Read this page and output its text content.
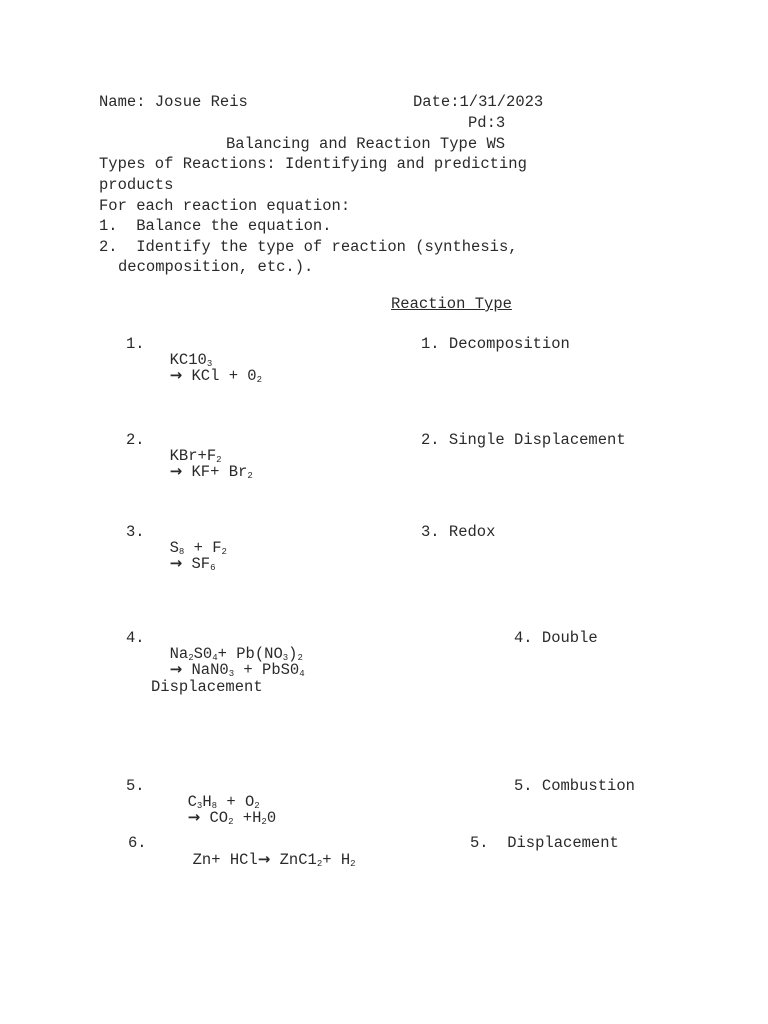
Name: Josue Reis	Date:1/31/2023
Pd:3
Balancing and Reaction Type WS
Types of Reactions: Identifying and predicting
products
For each reaction equation:
1.  Balance the equation.
2.  Identify the type of reaction (synthesis,
decomposition, etc.).
Reaction Type
1.

$KC10_3$
→ KCl + $0_2$

1. Decomposition
2.

$KBr+F_2$
→ $KF+ Br_2$

2. Single Displacement
3.

$S_8 + F_2$
→ $SF_6$

3. Redox
4.

$Na_2S0_4+ Pb(NO_3)_2$
→ $NaN0_3 + PbS0_4$

4. Double
Displacement
5.

$C_3H_8 + O_2$
→ $CO_2 +H_20$

5. Combustion
6.

$Zn+ HCl\to ZnC1_2+ H_2$

5.  Displacement
